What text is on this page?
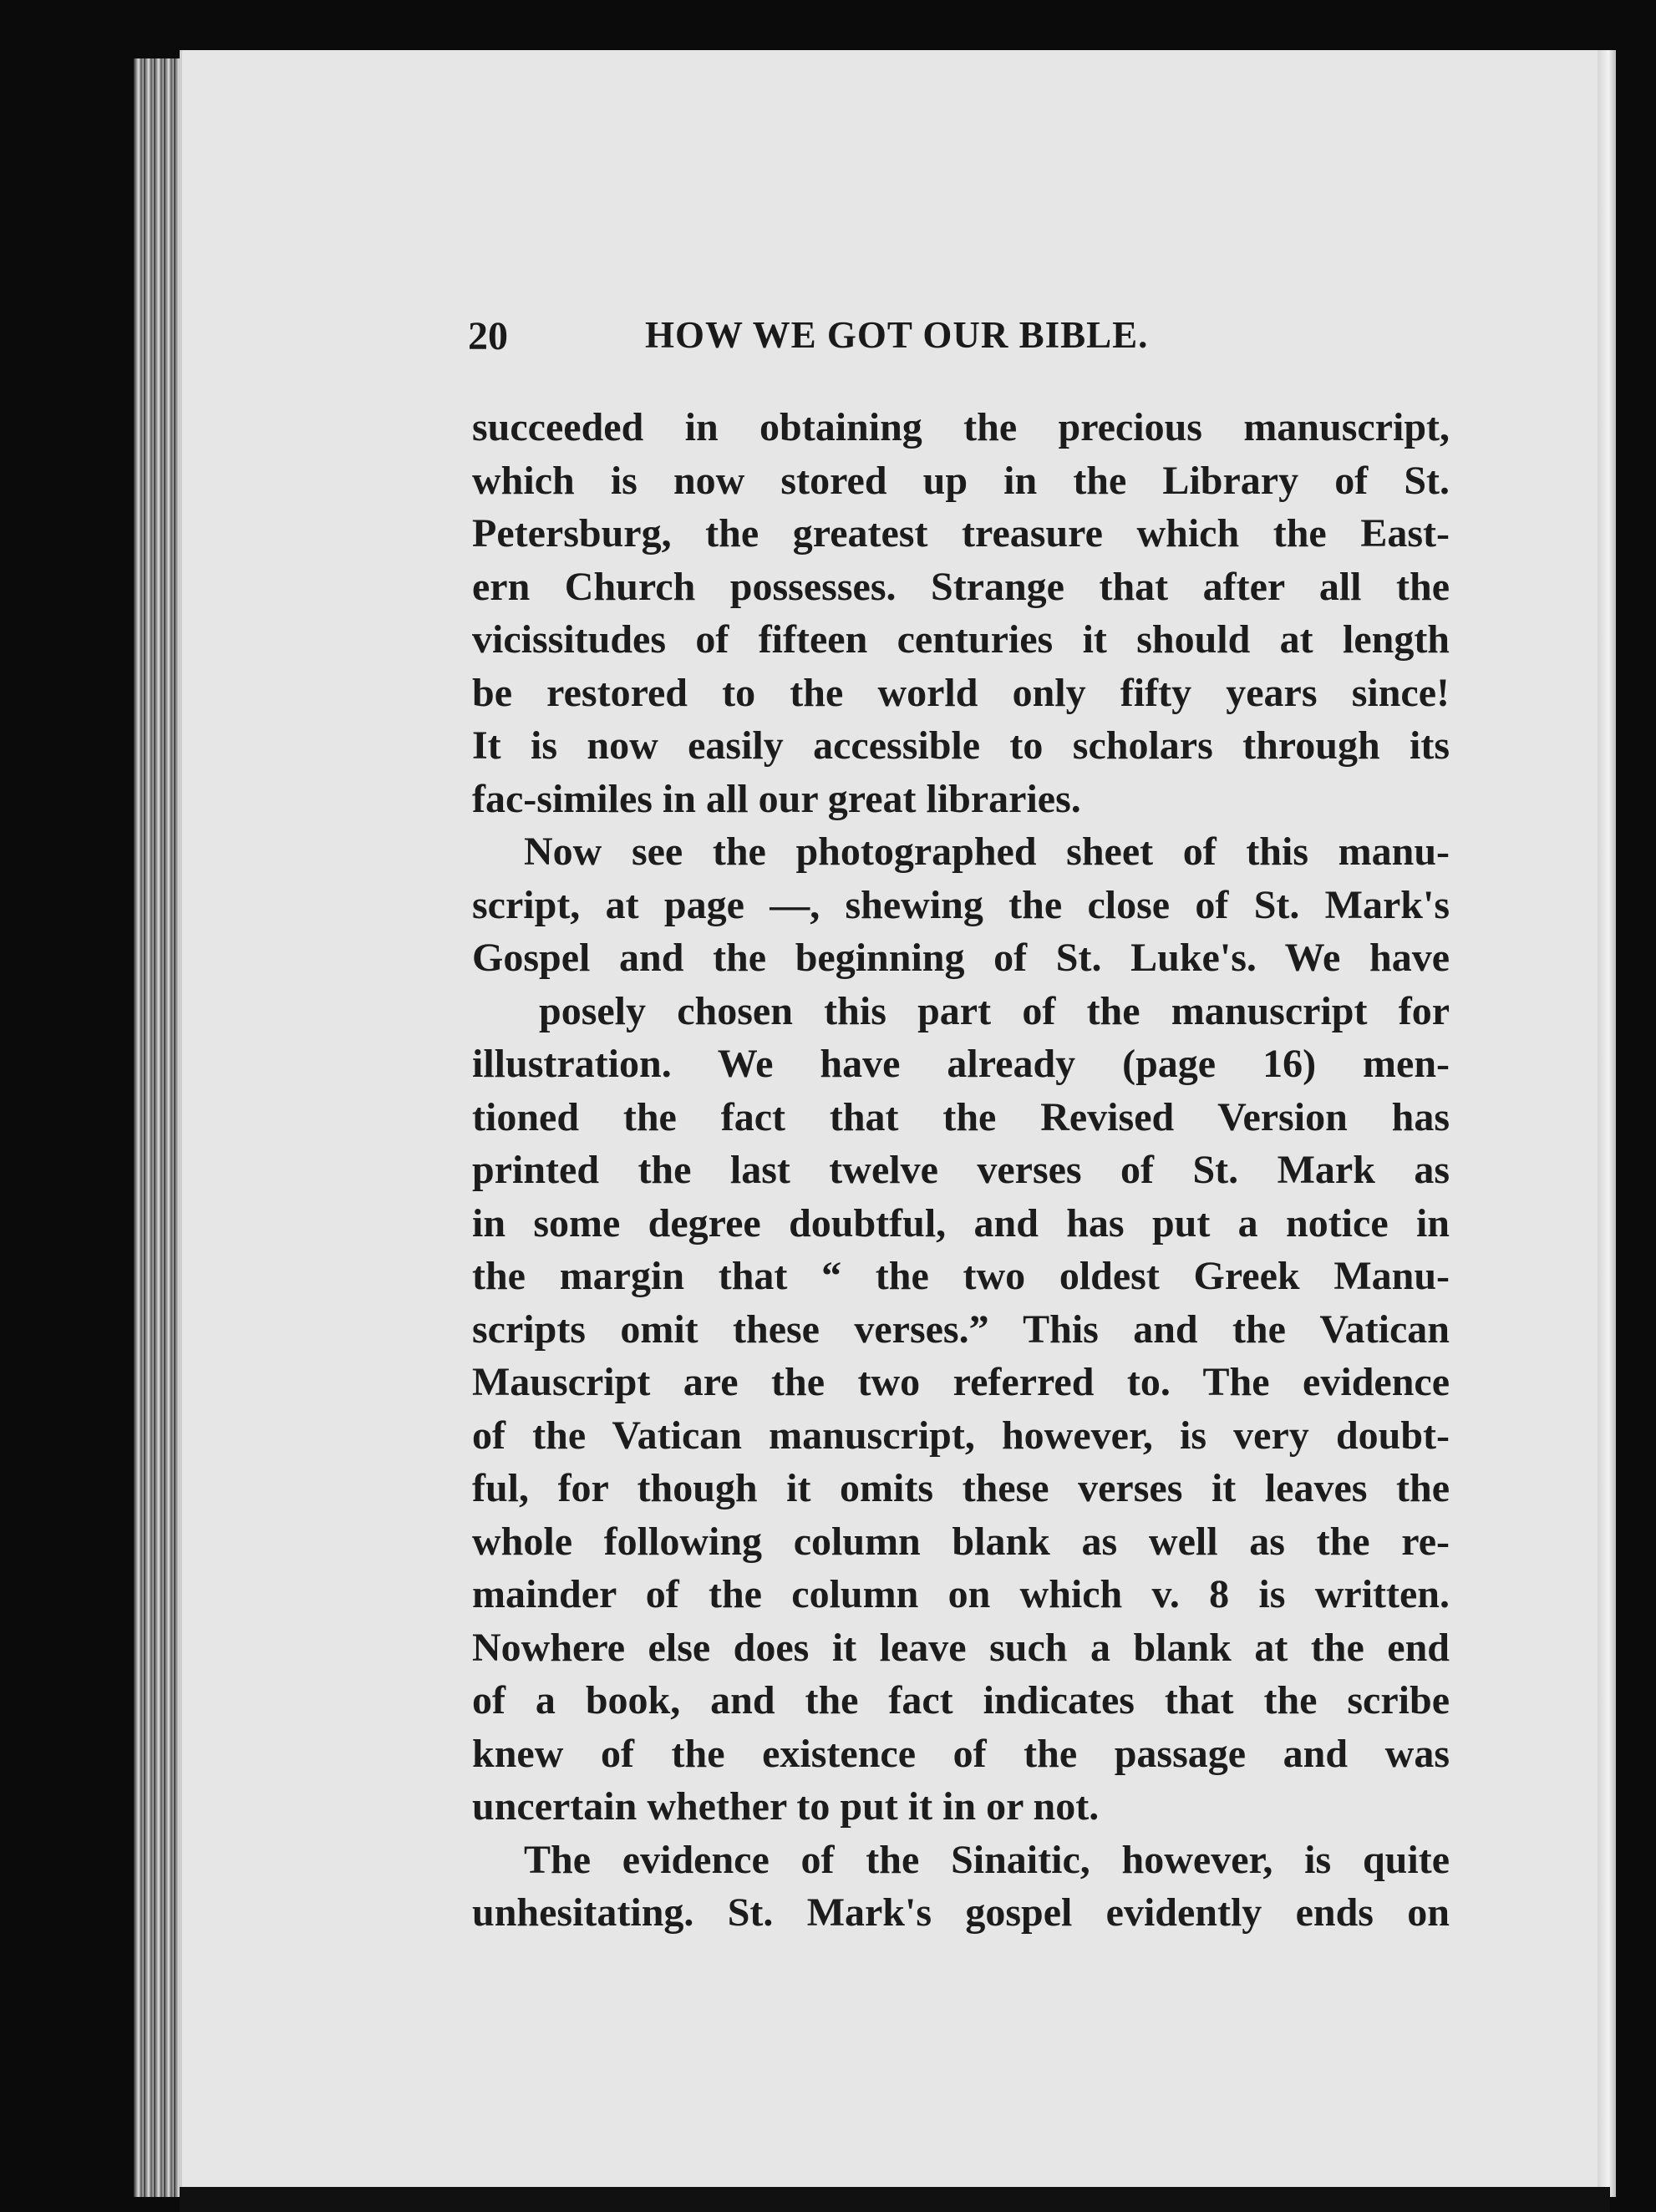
20	HOW WE GOT OUR BIBLE.
succeeded in obtaining the precious manuscript,
which is now stored up in the Library of St.
Petersburg, the greatest treasure which the East-
ern Church possesses. Strange that after all the
vicissitudes of fifteen centuries it should at length
be restored to the world only fifty years since!
It is now easily accessible to scholars through its
fac-similes in all our great libraries.
Now see the photographed sheet of this manu-
script, at page —, shewing the close of St. Mark's
Gospel and the beginning of St. Luke's. We have
posely chosen this part of the manuscript for
illustration. We have already (page 16) men-
tioned the fact that the Revised Version has
printed the last twelve verses of St. Mark as
in some degree doubtful, and has put a notice in
the margin that “ the two oldest Greek Manu-
scripts omit these verses.” This and the Vatican
Mauscript are the two referred to. The evidence
of the Vatican manuscript, however, is very doubt-
ful, for though it omits these verses it leaves the
whole following column blank as well as the re-
mainder of the column on which v. 8 is written.
Nowhere else does it leave such a blank at the end
of a book, and the fact indicates that the scribe
knew of the existence of the passage and was
uncertain whether to put it in or not.
The evidence of the Sinaitic, however, is quite
unhesitating. St. Mark's gospel evidently ends on
